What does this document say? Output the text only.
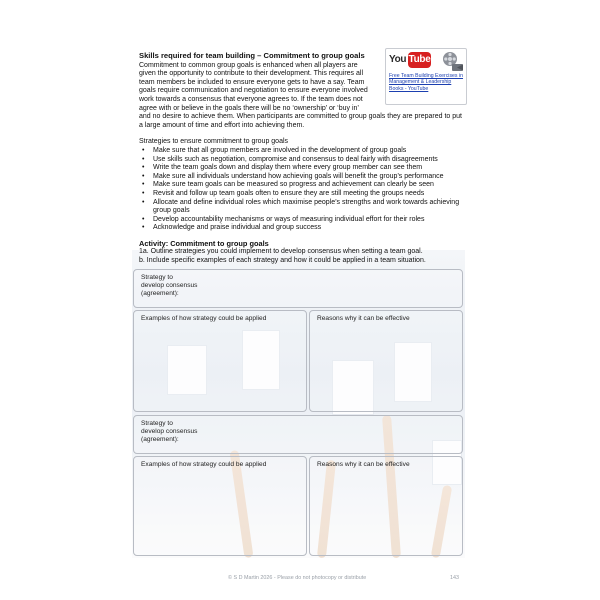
You Tube
Free Team Building Exercises in Management & Leadership Books - YouTube
Skills required for team building – Commitment to group goals
Commitment to common group goals is enhanced when all players are
given the opportunity to contribute to their development. This requires all
team members be included to ensure everyone gets to have a say. Team
goals require communication and negotiation to ensure everyone involved
work towards a consensus that everyone agrees to. If the team does not
agree with or believe in the goals there will be no ‘ownership’ or ‘buy in’
and no desire to achieve them. When participants are committed to group goals they are prepared to put a large amount of time and effort into achieving them.
Strategies to ensure commitment to group goals
• Make sure that all group members are involved in the development of group goals
• Use skills such as negotiation, compromise and consensus to deal fairly with disagreements
• Write the team goals down and display them where every group member can see them
• Make sure all individuals understand how achieving goals will benefit the group’s performance
• Make sure team goals can be measured so progress and achievement can clearly be seen
• Revisit and follow up team goals often to ensure they are still meeting the groups needs
• Allocate and define individual roles which maximise people’s strengths and work towards achieving group goals
• Develop accountability mechanisms or ways of measuring individual effort for their roles
• Acknowledge and praise individual and group success
Activity: Commitment to group goals
1a. Outline strategies you could implement to develop consensus when setting a team goal.
b. Include specific examples of each strategy and how it could be applied in a team situation.
Strategy to
develop consensus
(agreement):
Examples of how strategy could be applied	Reasons why it can be effective
Strategy to
develop consensus
(agreement):
Examples of how strategy could be applied	Reasons why it can be effective
© S D Martin 2026 - Please do not photocopy or distribute	143
